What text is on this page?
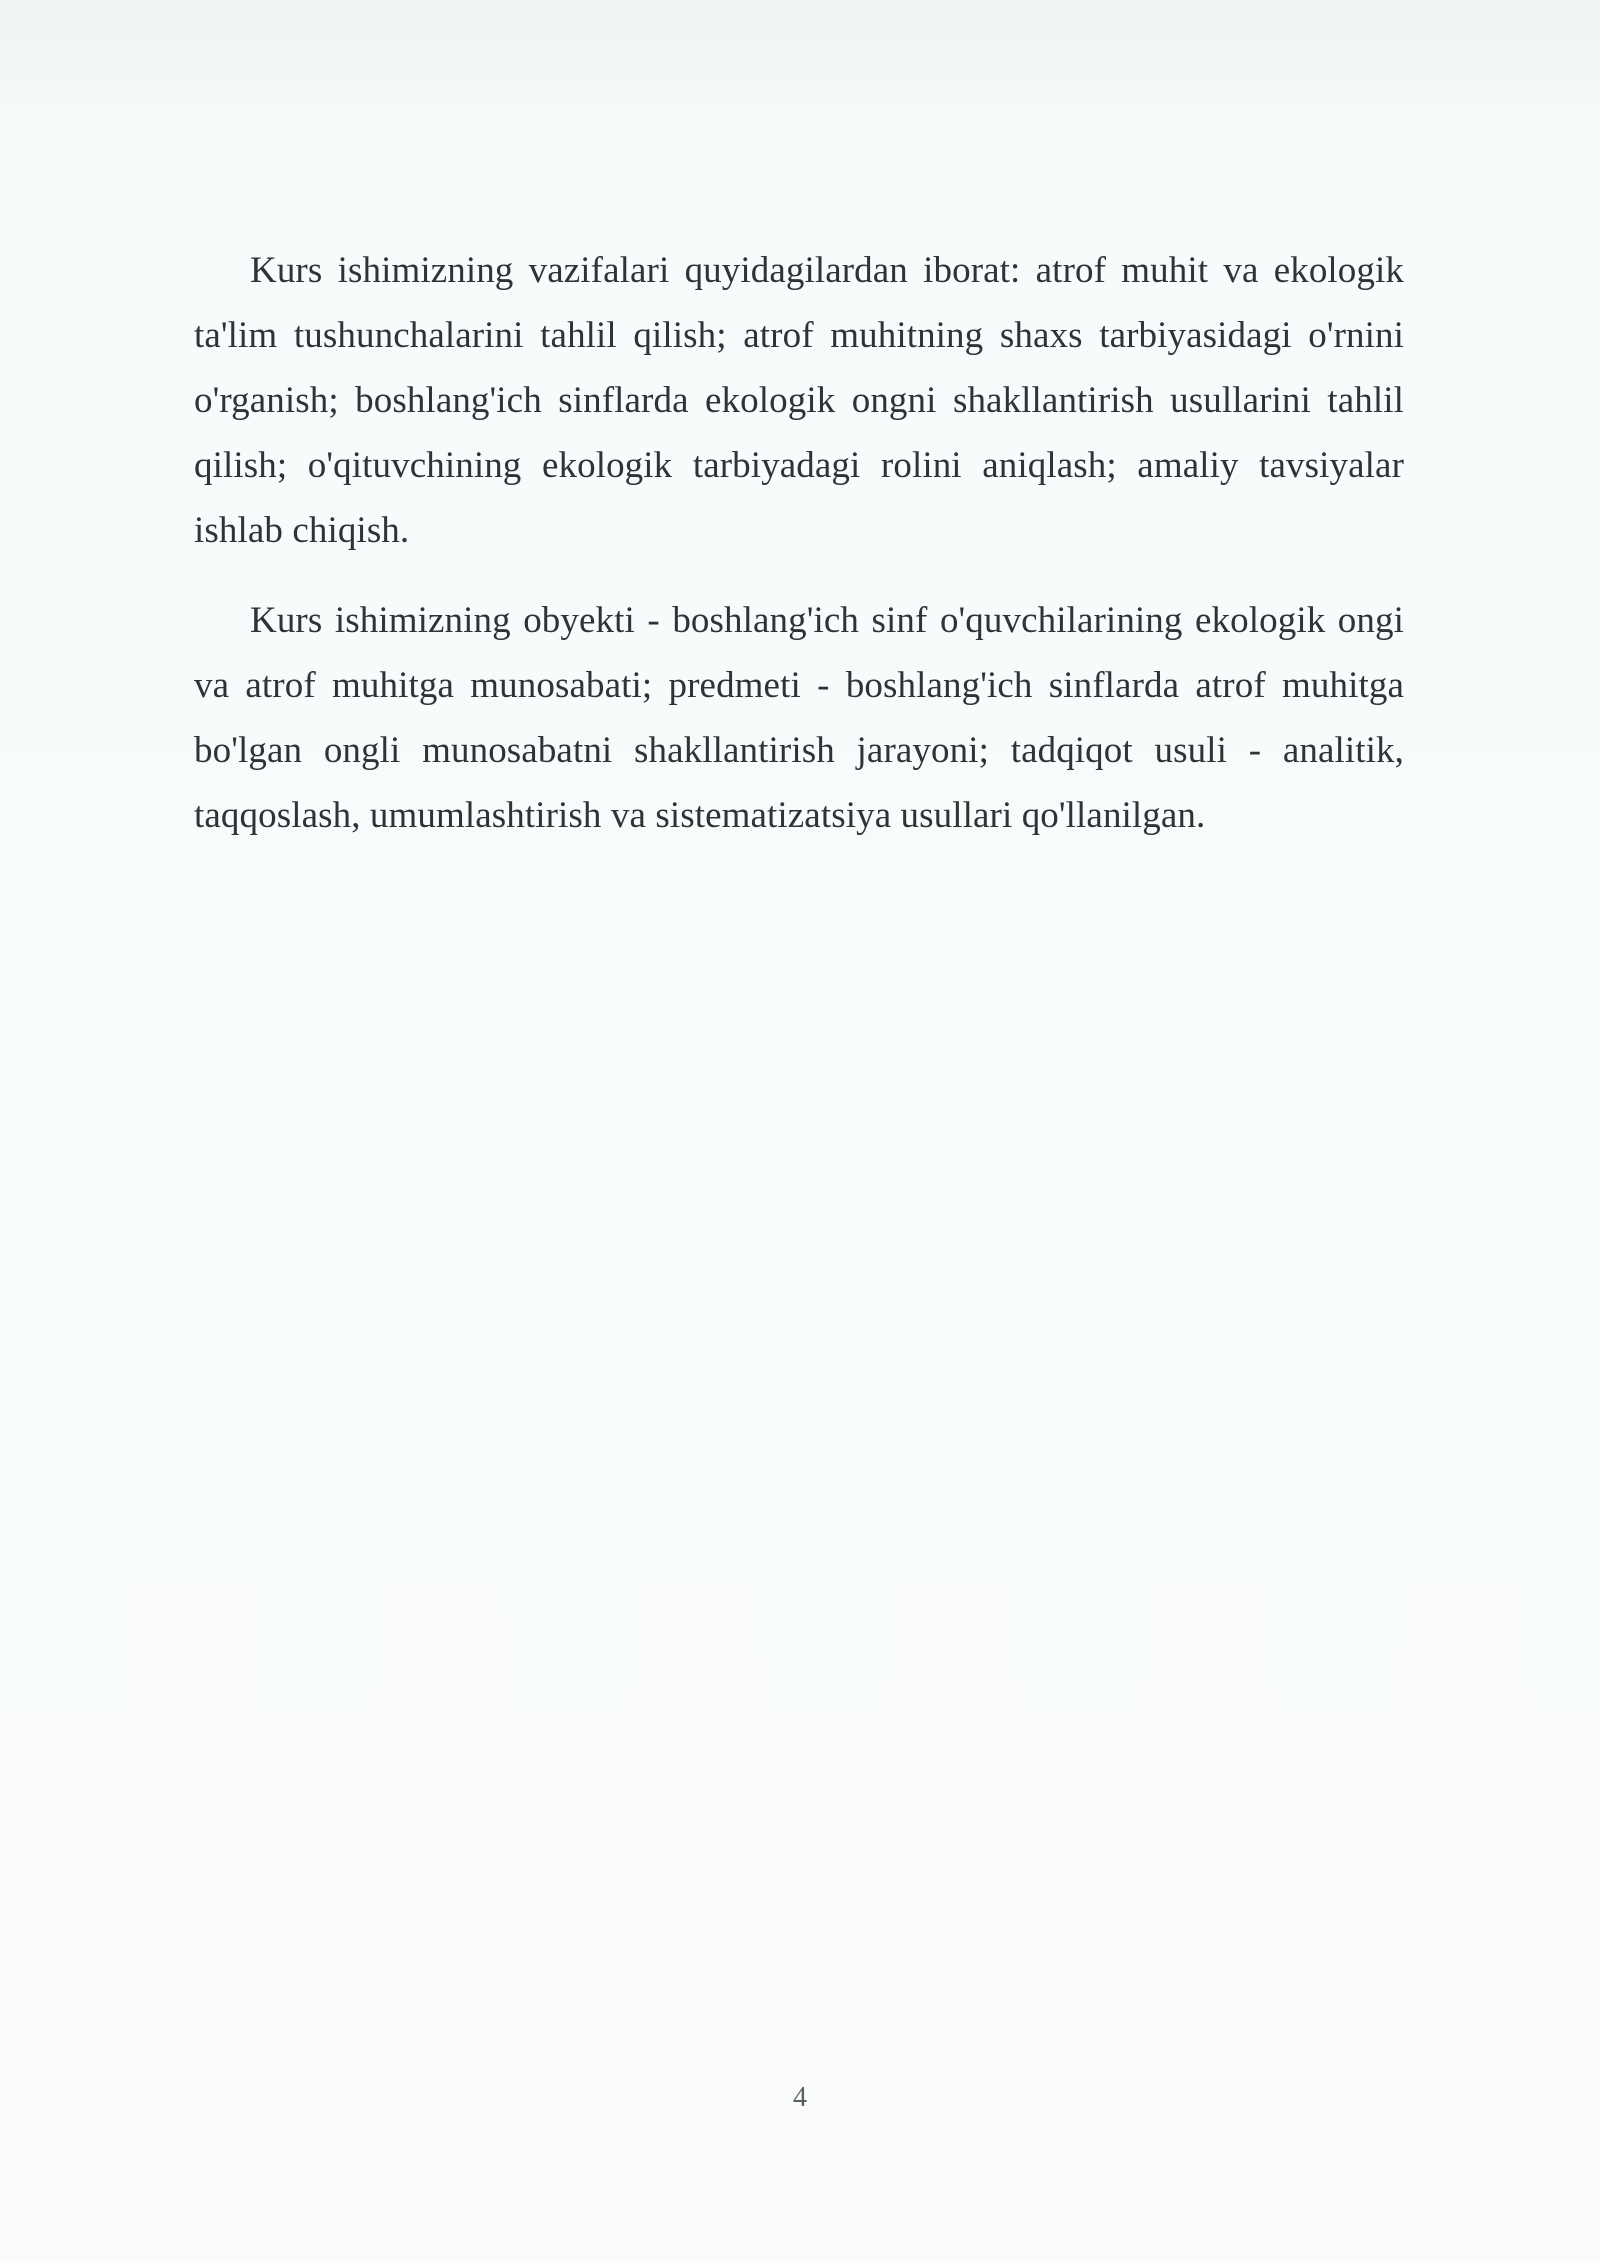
Kurs ishimizning vazifalari quyidagilardan iborat: atrof muhit va ekologik ta'lim tushunchalarini tahlil qilish; atrof muhitning shaxs tarbiyasidagi o'rnini o'rganish; boshlang'ich sinflarda ekologik ongni shakllantirish usullarini tahlil qilish; o'qituvchining ekologik tarbiyadagi rolini aniqlash; amaliy tavsiyalar ishlab chiqish.

Kurs ishimizning obyekti - boshlang'ich sinf o'quvchilarining ekologik ongi va atrof muhitga munosabati; predmeti - boshlang'ich sinflarda atrof muhitga bo'lgan ongli munosabatni shakllantirish jarayoni; tadqiqot usuli - analitik, taqqoslash, umumlashtirish va sistematizatsiya usullari qo'llanilgan.

4
